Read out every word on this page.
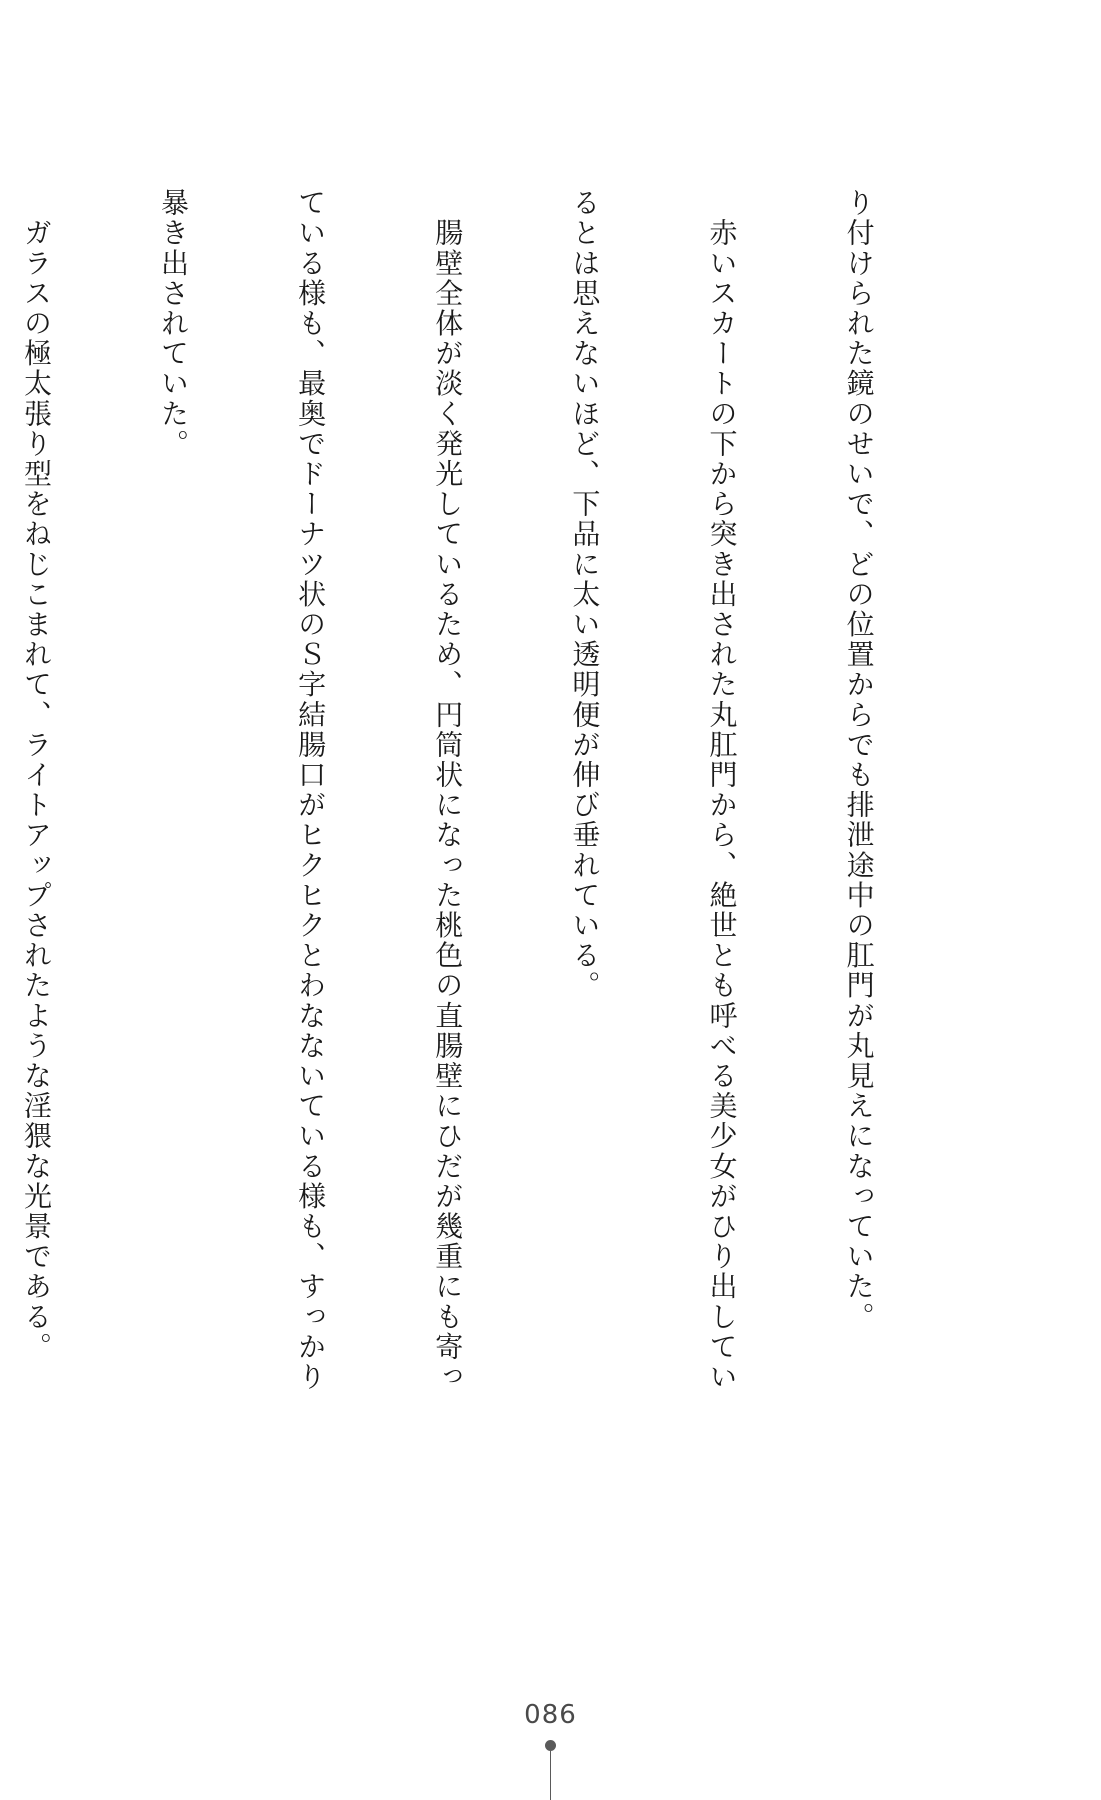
り付けられた鏡のせいで、どの位置からでも排泄途中の肛門が丸見えになっていた。

　赤いスカートの下から突き出された丸肛門から、絶世とも呼べる美少女がひり出してい

るとは思えないほど、下品に太い透明便が伸び垂れている。

　腸壁全体が淡く発光しているため、円筒状になった桃色の直腸壁にひだが幾重にも寄っ

ている様も、最奥でドーナツ状のＳ字結腸口がヒクヒクとわなないている様も、すっかり

暴き出されていた。

　ガラスの極太張り型をねじこまれて、ライトアップされたような淫猥な光景である。

086
